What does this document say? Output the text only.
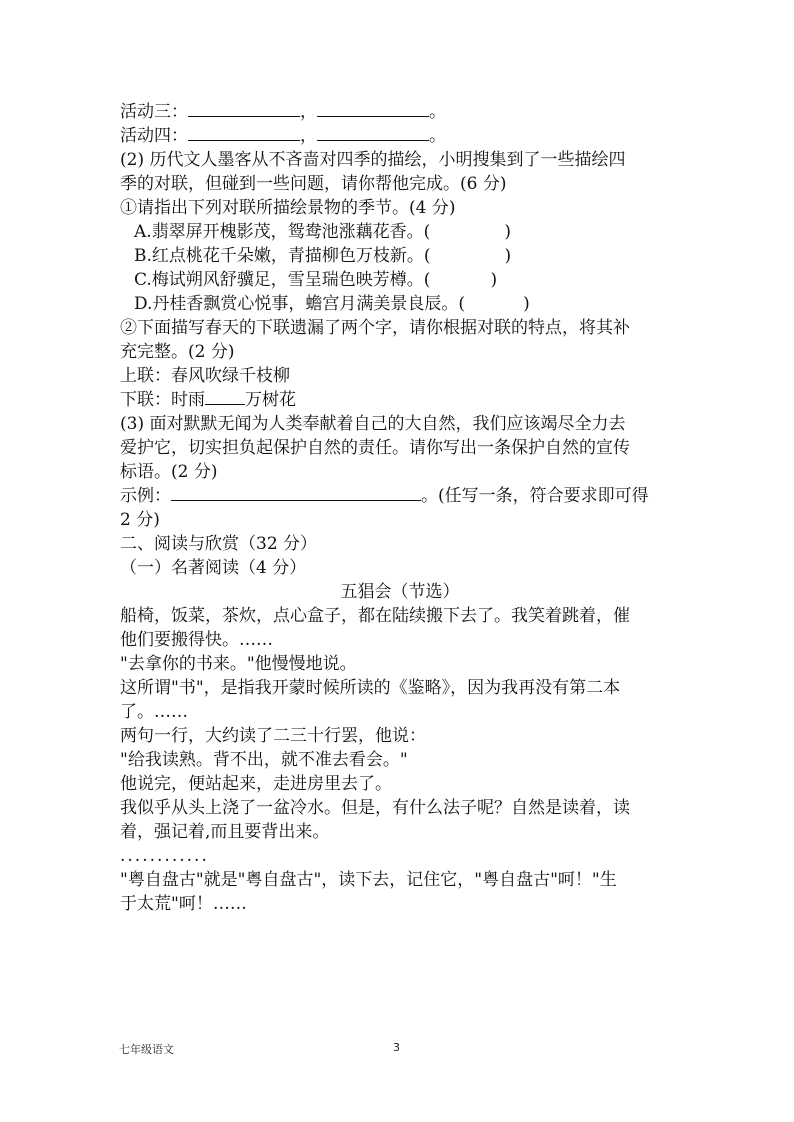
活动三：	，	。
活动四：	，	。
(2) 历代文人墨客从不吝啬对四季的描绘，小明搜集到了一些描绘四
季的对联，但碰到一些问题，请你帮他完成。(6 分)
①请指出下列对联所描绘景物的季节。(4 分)
A.翡翠屏开槐影茂，鸳鸯池涨藕花香。(	)
B.红点桃花千朵嫩，青描柳色万枝新。(	)
C.梅试朔风舒骥足，雪呈瑞色映芳樽。(	)
D.丹桂香飘赏心悦事，蟾宫月满美景良辰。(	)
②下面描写春天的下联遗漏了两个字，请你根据对联的特点，将其补
充完整。(2 分)
上联：春风吹绿千枝柳
下联：时雨 万树花
(3) 面对默默无闻为人类奉献着自己的大自然，我们应该竭尽全力去
爱护它，切实担负起保护自然的责任。请你写出一条保护自然的宣传
标语。(2 分)
示例：	。(任写一条，符合要求即可得
2 分)
二、阅读与欣赏（32 分）
（一）名著阅读（4 分）
五猖会（节选）
船椅，饭菜，茶炊，点心盒子，都在陆续搬下去了。我笑着跳着，催
他们要搬得快。……
"去拿你的书来。"他慢慢地说。
这所谓"书"，是指我开蒙时候所读的《鉴略》，因为我再没有第二本
了。……
两句一行，大约读了二三十行罢，他说：
"给我读熟。背不出，就不准去看会。"
他说完，便站起来，走进房里去了。
我似乎从头上浇了一盆冷水。但是，有什么法子呢？自然是读着，读
着，强记着,而且要背出来。
............
"粤自盘古"就是"粤自盘古"，读下去，记住它，"粤自盘古"呵！"生
于太荒"呵！……
七年级语文	3
